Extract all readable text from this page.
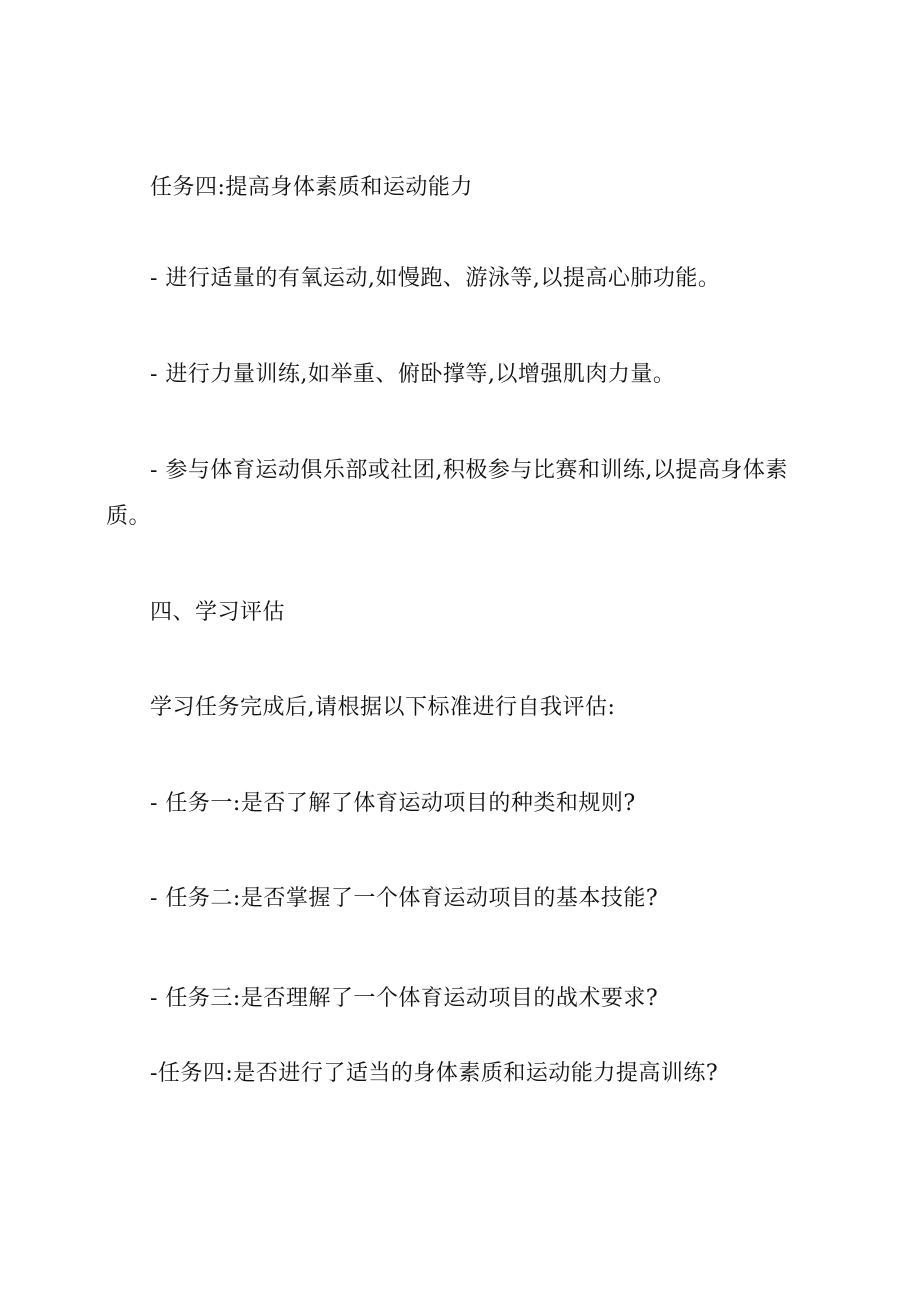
任务四:提高身体素质和运动能力
- 进行适量的有氧运动,如慢跑、游泳等,以提高心肺功能。
- 进行力量训练,如举重、俯卧撑等,以增强肌肉力量。
- 参与体育运动俱乐部或社团,积极参与比赛和训练,以提高身体素质。
四、学习评估
学习任务完成后,请根据以下标准进行自我评估:
- 任务一:是否了解了体育运动项目的种类和规则?
- 任务二:是否掌握了一个体育运动项目的基本技能?
- 任务三:是否理解了一个体育运动项目的战术要求?
-任务四:是否进行了适当的身体素质和运动能力提高训练?
